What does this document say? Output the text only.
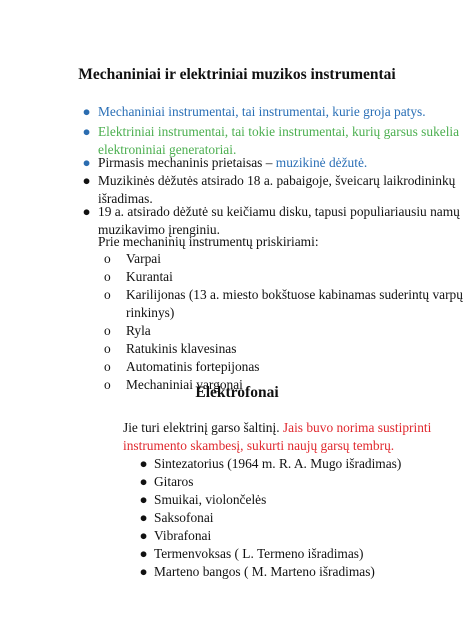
Mechaniniai ir elektriniai muzikos instrumentai
● Mechaniniai instrumentai, tai instrumentai, kurie groja patys.
● Elektriniai instrumentai, tai tokie instrumentai, kurių garsus sukelia
elektroniniai generatoriai.
● Pirmasis mechaninis prietaisas – muzikinė dėžutė.
● Muzikinės dėžutės atsirado 18 a. pabaigoje, šveicarų laikrodininkų
išradimas.
● 19 a. atsirado dėžutė su keičiamu disku, tapusi populiariausiu namų
muzikavimo įrenginiu.
Prie mechaninių instrumentų priskiriami:
o Varpai
o Kurantai
o Karilijonas (13 a. miesto bokštuose kabinamas suderintų varpų
rinkinys)
o Ryla
o Ratukinis klavesinas
o Automatinis fortepijonas
o Mechaniniai vargonai
Elektrofonai
Jie turi elektrinį garso šaltinį. Jais buvo norima sustiprinti
instrumento skambesį, sukurti naujų garsų tembrų.
● Sintezatorius (1964 m. R. A. Mugo išradimas)
● Gitaros
● Smuikai, violončelės
● Saksofonai
● Vibrafonai
● Termenvoksas ( L. Termeno išradimas)
● Marteno bangos ( M. Marteno išradimas)
